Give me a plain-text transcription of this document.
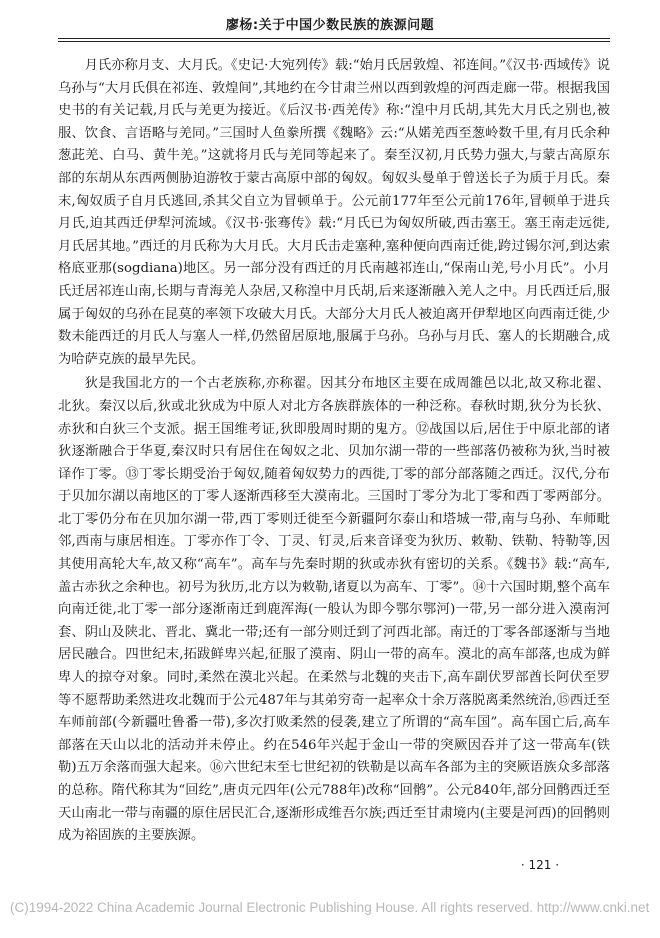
廖杨:关于中国少数民族的族源问题

月氏亦称月支、大月氏。《史记·大宛列传》载:“始月氏居敦煌、祁连间。”《汉书·西域传》说乌孙与“大月氏俱在祁连、敦煌间”,其地约在今甘肃兰州以西到敦煌的河西走廊一带。根据我国史书的有关记载,月氏与羌更为接近。《后汉书·西羌传》称:“湟中月氏胡,其先大月氏之别也,被服、饮食、言语略与羌同。”三国时人鱼豢所撰《魏略》云:“从婼羌西至葱岭数千里,有月氏余种葱茈羌、白马、黄牛羌。”这就将月氏与羌同等起来了。秦至汉初,月氏势力强大,与蒙古高原东部的东胡从东西两侧胁迫游牧于蒙古高原中部的匈奴。匈奴头曼单于曾送长子为质于月氏。秦末,匈奴质子自月氏逃回,杀其父自立为冒顿单于。公元前177年至公元前176年,冒顿单于进兵月氏,迫其西迁伊犁河流域。《汉书·张骞传》载:“月氏已为匈奴所破,西击塞王。塞王南走远徙,月氏居其地。”西迁的月氏称为大月氏。大月氏击走塞种,塞种便向西南迁徙,跨过锡尔河,到达索格底亚那(sogdiana)地区。另一部分没有西迁的月氏南越祁连山,“保南山羌,号小月氏”。小月氏迁居祁连山南,长期与青海羌人杂居,又称湟中月氏胡,后来逐渐融入羌人之中。月氏西迁后,服属于匈奴的乌孙在昆莫的率领下攻破大月氏。大部分大月氏人被迫离开伊犁地区向西南迁徙,少数未能西迁的月氏人与塞人一样,仍然留居原地,服属于乌孙。乌孙与月氏、塞人的长期融合,成为哈萨克族的最早先民。

狄是我国北方的一个古老族称,亦称翟。因其分布地区主要在成周雒邑以北,故又称北翟、北狄。秦汉以后,狄或北狄成为中原人对北方各族群族体的一种泛称。春秋时期,狄分为长狄、赤狄和白狄三个支派。据王国维考证,狄即殷周时期的鬼方。⑫战国以后,居住于中原北部的诸狄逐渐融合于华夏,秦汉时只有居住在匈奴之北、贝加尔湖一带的一些部落仍被称为狄,当时被译作丁零。⑬丁零长期受治于匈奴,随着匈奴势力的西徙,丁零的部分部落随之西迁。汉代,分布于贝加尔湖以南地区的丁零人逐渐西移至大漠南北。三国时丁零分为北丁零和西丁零两部分。北丁零仍分布在贝加尔湖一带,西丁零则迁徙至今新疆阿尔泰山和塔城一带,南与乌孙、车师毗邻,西南与康居相连。丁零亦作丁令、丁灵、钉灵,后来音译变为狄历、敕勒、铁勒、特勒等,因其使用高轮大车,故又称“高车”。高车与先秦时期的狄或赤狄有密切的关系。《魏书》载:“高车,盖古赤狄之余种也。初号为狄历,北方以为敕勒,诸夏以为高车、丁零”。⑭十六国时期,整个高车向南迁徙,北丁零一部分逐渐南迁到鹿浑海(一般认为即今鄂尔鄂河)一带,另一部分进入漠南河套、阴山及陕北、晋北、冀北一带;还有一部分则迁到了河西北部。南迁的丁零各部逐渐与当地居民融合。四世纪末,拓跋鲜卑兴起,征服了漠南、阴山一带的高车。漠北的高车部落,也成为鲜卑人的掠夺对象。同时,柔然在漠北兴起。在柔然与北魏的夹击下,高车副伏罗部酋长阿伏至罗等不愿帮助柔然进攻北魏而于公元487年与其弟穷奇一起率众十余万落脱离柔然统治,⑮西迁至车师前部(今新疆吐鲁番一带),多次打败柔然的侵袭,建立了所谓的“高车国”。高车国亡后,高车部落在天山以北的活动并未停止。约在546年兴起于金山一带的突厥因吞并了这一带高车(铁勒)五万余落而强大起来。⑯六世纪末至七世纪初的铁勒是以高车各部为主的突厥语族众多部落的总称。隋代称其为“回纥”,唐贞元四年(公元788年)改称“回鹘”。公元840年,部分回鹘西迁至天山南北一带与南疆的原住居民汇合,逐渐形成维吾尔族;西迁至甘肃境内(主要是河西)的回鹘则成为裕固族的主要族源。

· 121 ·
(C)1994-2022 China Academic Journal Electronic Publishing House. All rights reserved. http://www.cnki.net
